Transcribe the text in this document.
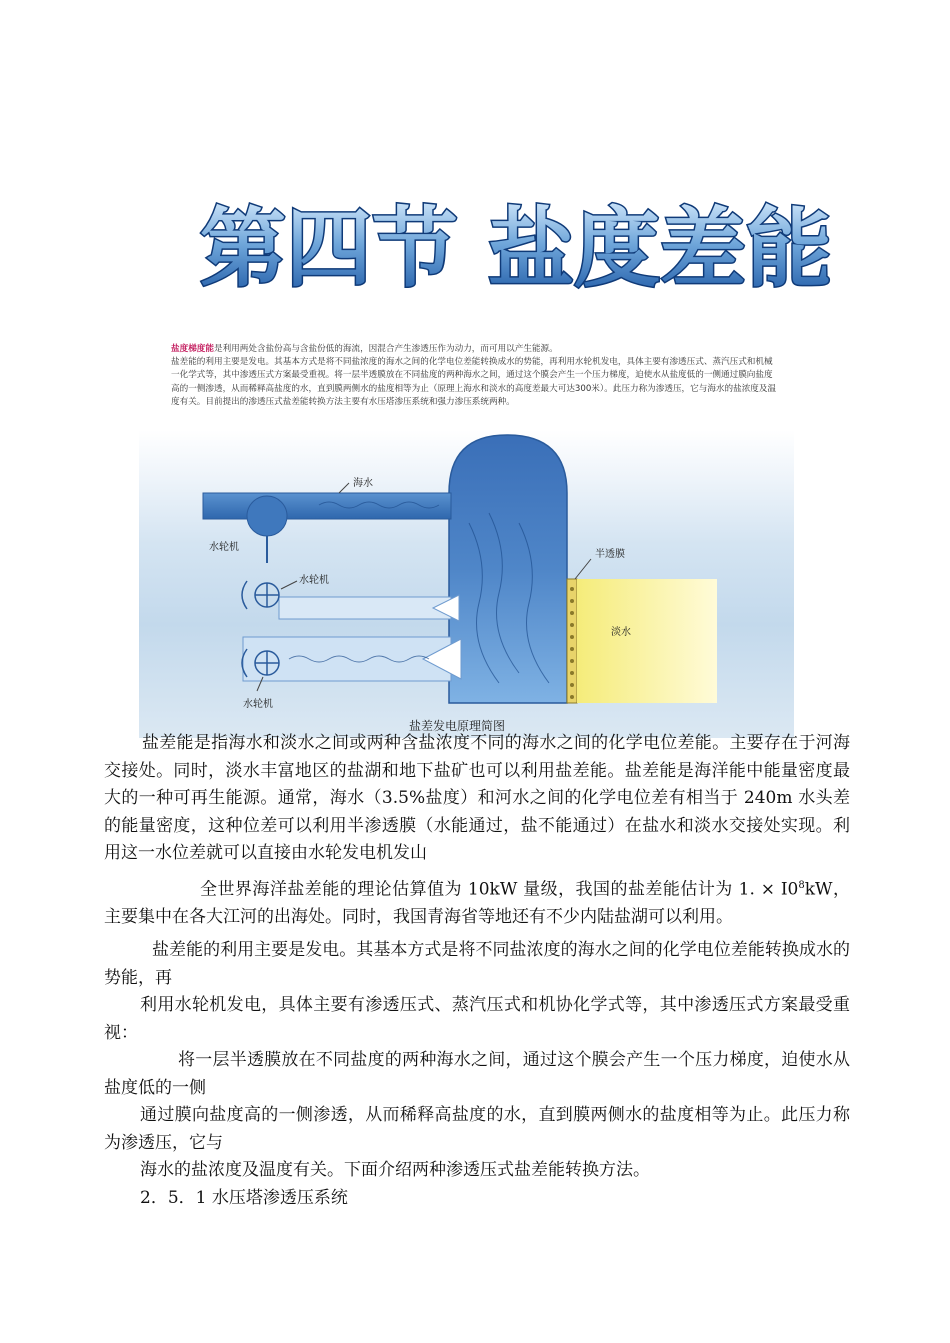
第四节 盐度差能
盐度梯度能是利用两处含盐份高与含盐份低的海流，因混合产生渗透压作为动力，而可用以产生能源。
盐差能的利用主要是发电。其基本方式是将不同盐浓度的海水之间的化学电位差能转换成水的势能，再利用水轮机发电，具体主要有渗透压式、蒸汽压式和机械一化学式等，其中渗透压式方案最受重视。将一层半透膜放在不同盐度的两种海水之间，通过这个膜会产生一个压力梯度，迫使水从盐度低的一侧通过膜向盐度高的一侧渗透，从而稀释高盐度的水，直到膜两侧水的盐度相等为止（原理上海水和淡水的高度差最大可达300米）。此压力称为渗透压，它与海水的盐浓度及温度有关。目前提出的渗透压式盐差能转换方法主要有水压塔渗压系统和强力渗压系统两种。
海水
水轮机
水轮机
水轮机
半透膜
淡水
盐差发电原理简图

盐差能是指海水和淡水之间或两种含盐浓度不同的海水之间的化学电位差能。主要存在于河海交接处。同时，淡水丰富地区的盐湖和地下盐矿也可以利用盐差能。盐差能是海洋能中能量密度最大的一种可再生能源。通常，海水（3.5%盐度）和河水之间的化学电位差有相当于 240m 水头差的能量密度，这种位差可以利用半渗透膜（水能通过，盐不能通过）在盐水和淡水交接处实现。利用这一水位差就可以直接由水轮发电机发山

全世界海洋盐差能的理论估算值为 10kW 量级，我国的盐差能估计为 1. × $I0^8kW$，主要集中在各大江河的出海处。同时，我国青海省等地还有不少内陆盐湖可以利用。

盐差能的利用主要是发电。其基本方式是将不同盐浓度的海水之间的化学电位差能转换成水的势能，再

利用水轮机发电，具体主要有渗透压式、蒸汽压式和机协化学式等，其中渗透压式方案最受重视：

将一层半透膜放在不同盐度的两种海水之间，通过这个膜会产生一个压力梯度，迫使水从盐度低的一侧

通过膜向盐度高的一侧渗透，从而稀释高盐度的水，直到膜两侧水的盐度相等为止。此压力称为渗透压，它与

海水的盐浓度及温度有关。下面介绍两种渗透压式盐差能转换方法。

2．5．1 水压塔渗透压系统
